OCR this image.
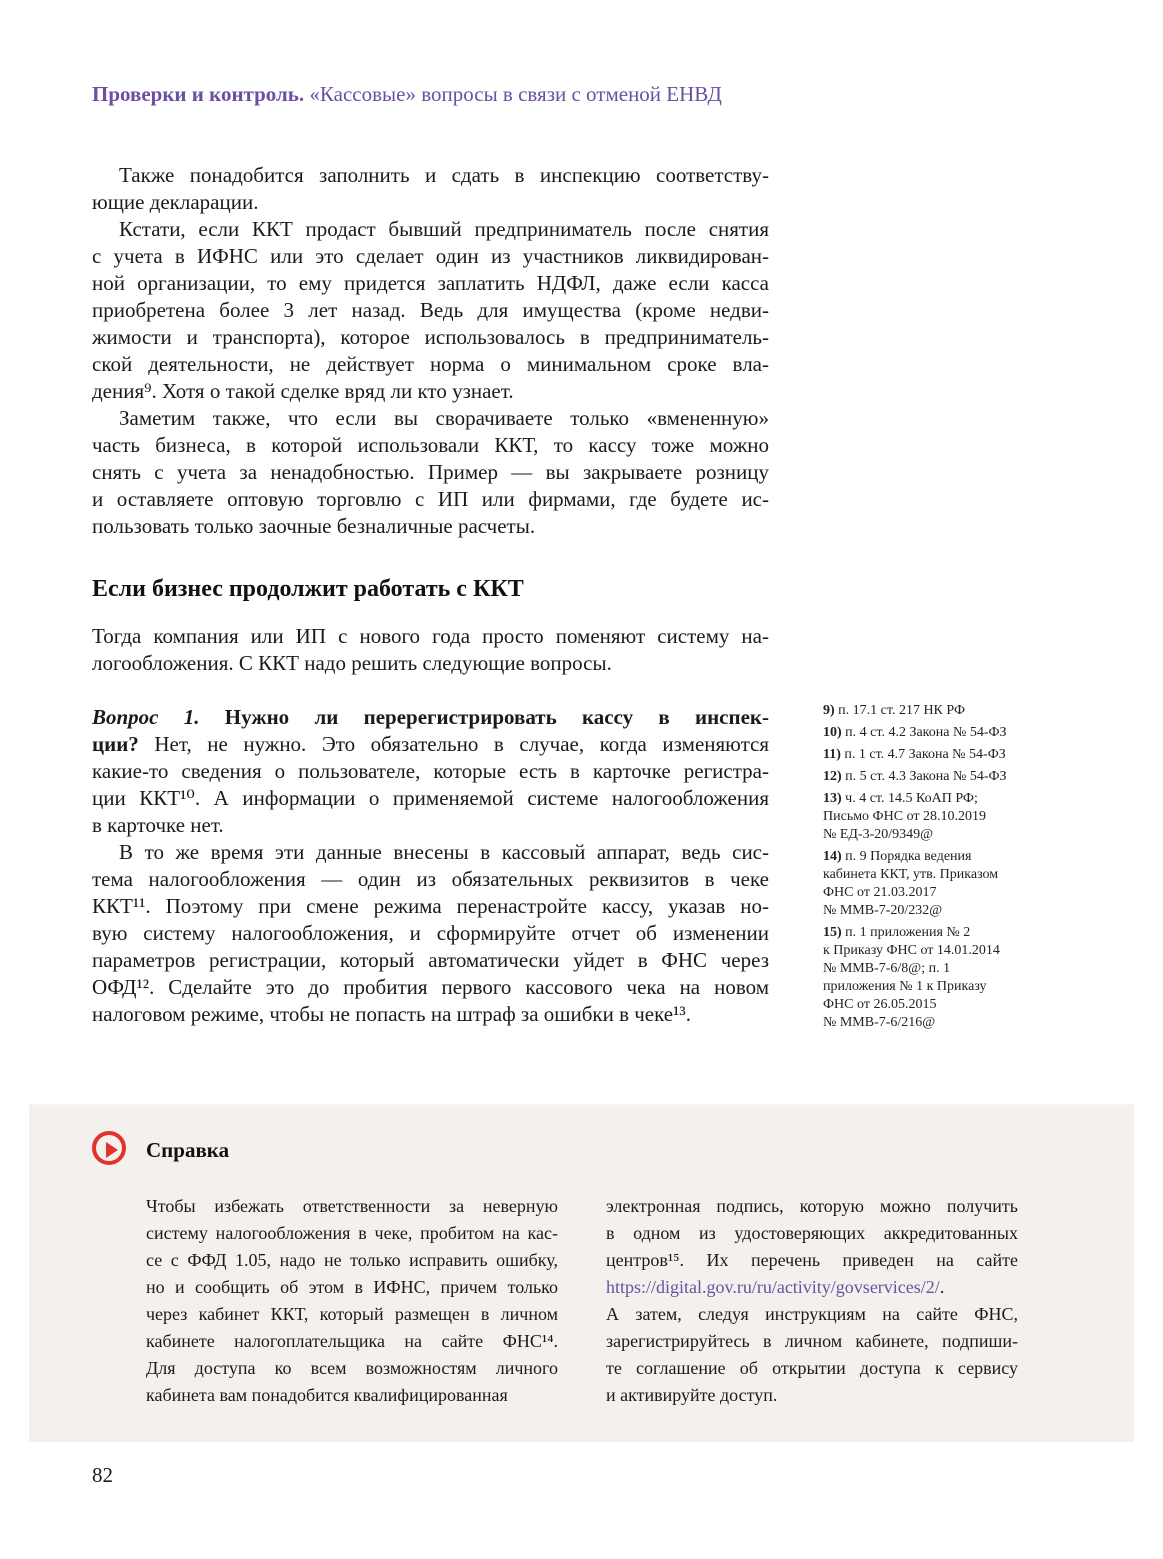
Проверки и контроль. «Кассовые» вопросы в связи с отменой ЕНВД
Также понадобится заполнить и сдать в инспекцию соответству-
ющие декларации.
Кстати, если ККТ продаст бывший предприниматель после снятия
с учета в ИФНС или это сделает один из участников ликвидирован-
ной организации, то ему придется заплатить НДФЛ, даже если касса
приобретена более 3 лет назад. Ведь для имущества (кроме недви-
жимости и транспорта), которое использовалось в предприниматель-
ской деятельности, не действует норма о минимальном сроке вла-
дения⁹. Хотя о такой сделке вряд ли кто узнает.
Заметим также, что если вы сворачиваете только «вмененную»
часть бизнеса, в которой использовали ККТ, то кассу тоже можно
снять с учета за ненадобностью. Пример — вы закрываете розницу
и оставляете оптовую торговлю с ИП или фирмами, где будете ис-
пользовать только заочные безналичные расчеты.
Если бизнес продолжит работать с ККТ
Тогда компания или ИП с нового года просто поменяют систему на-
логообложения. С ККТ надо решить следующие вопросы.
Вопрос 1. Нужно ли перерегистрировать кассу в инспек-
ции? Нет, не нужно. Это обязательно в случае, когда изменяются
какие-то сведения о пользователе, которые есть в карточке регистра-
ции ККТ¹⁰. А информации о применяемой системе налогообложения
в карточке нет.
В то же время эти данные внесены в кассовый аппарат, ведь сис-
тема налогообложения — один из обязательных реквизитов в чеке
ККТ¹¹. Поэтому при смене режима перенастройте кассу, указав но-
вую систему налогообложения, и сформируйте отчет об изменении
параметров регистрации, который автоматически уйдет в ФНС через
ОФД¹². Сделайте это до пробития первого кассового чека на новом
налоговом режиме, чтобы не попасть на штраф за ошибки в чеке¹³.
9) п. 17.1 ст. 217 НК РФ
10) п. 4 ст. 4.2 Закона № 54-ФЗ
11) п. 1 ст. 4.7 Закона № 54-ФЗ
12) п. 5 ст. 4.3 Закона № 54-ФЗ
13) ч. 4 ст. 14.5 КоАП РФ;
Письмо ФНС от 28.10.2019
№ ЕД-3-20/9349@
14) п. 9 Порядка ведения
кабинета ККТ, утв. Приказом
ФНС от 21.03.2017
№ ММВ-7-20/232@
15) п. 1 приложения № 2
к Приказу ФНС от 14.01.2014
№ ММВ-7-6/8@; п. 1
приложения № 1 к Приказу
ФНС от 26.05.2015
№ ММВ-7-6/216@
Справка
Чтобы избежать ответственности за неверную
систему налогообложения в чеке, пробитом на кас-
се с ФФД 1.05, надо не только исправить ошибку,
но и сообщить об этом в ИФНС, причем только
через кабинет ККТ, который размещен в личном
кабинете налогоплательщика на сайте ФНС¹⁴.
Для доступа ко всем возможностям личного
кабинета вам понадобится квалифицированная
электронная подпись, которую можно получить
в одном из удостоверяющих аккредитованных
центров¹⁵. Их перечень приведен на сайте
https://digital.gov.ru/ru/activity/govservices/2/.
А затем, следуя инструкциям на сайте ФНС,
зарегистрируйтесь в личном кабинете, подпиши-
те соглашение об открытии доступа к сервису
и активируйте доступ.
82
